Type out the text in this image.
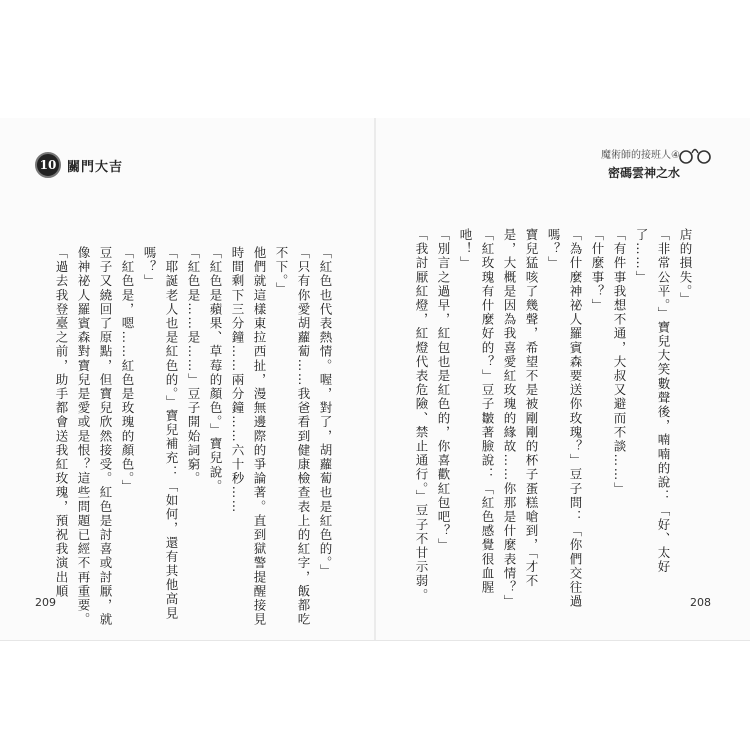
10 關門大吉
魔術師的接班人④
密碼雲神之水
「紅色也代表熱情。喔，對了，胡蘿蔔也是紅色的。」
「只有你愛胡蘿蔔……我爸看到健康檢查表上的紅字，飯都吃
不下。」
他們就這樣東拉西扯，漫無邊際的爭論著。直到獄警提醒接見
時間剩下三分鐘……兩分鐘……六十秒……
「紅色是蘋果、草莓的顏色。」寶兒說。
「紅色是……是……」豆子開始詞窮。
「耶誕老人也是紅色的。」寶兒補充：「如何，還有其他高見
嗎？」
「紅色是，嗯……紅色是玫瑰的顏色。」
豆子又繞回了原點，但寶兒欣然接受。紅色是討喜或討厭，就
像神祕人羅賓森對寶兒是愛或是恨？這些問題已經不再重要。
「過去我登臺之前，助手都會送我紅玫瑰，預祝我演出順	店的損失。」
「非常公平。」寶兒大笑數聲後，喃喃的說：「好、太好
了……」
「有件事我想不通，大叔又避而不談……」
「什麼事？」
「為什麼神祕人羅賓森要送你玫瑰？」豆子問：「你們交往過
嗎？」
寶兒猛咳了幾聲，希望不是被剛剛的杯子蛋糕嗆到，「才不
是，大概是因為我喜愛紅玫瑰的緣故……你那是什麼表情？」
「紅玫瑰有什麼好的？」豆子皺著臉說：「紅色感覺很血腥
吔！」
「別言之過早，紅包也是紅色的，你喜歡紅包吧？」
「我討厭紅燈，紅燈代表危險、禁止通行。」豆子不甘示弱。
209	208
